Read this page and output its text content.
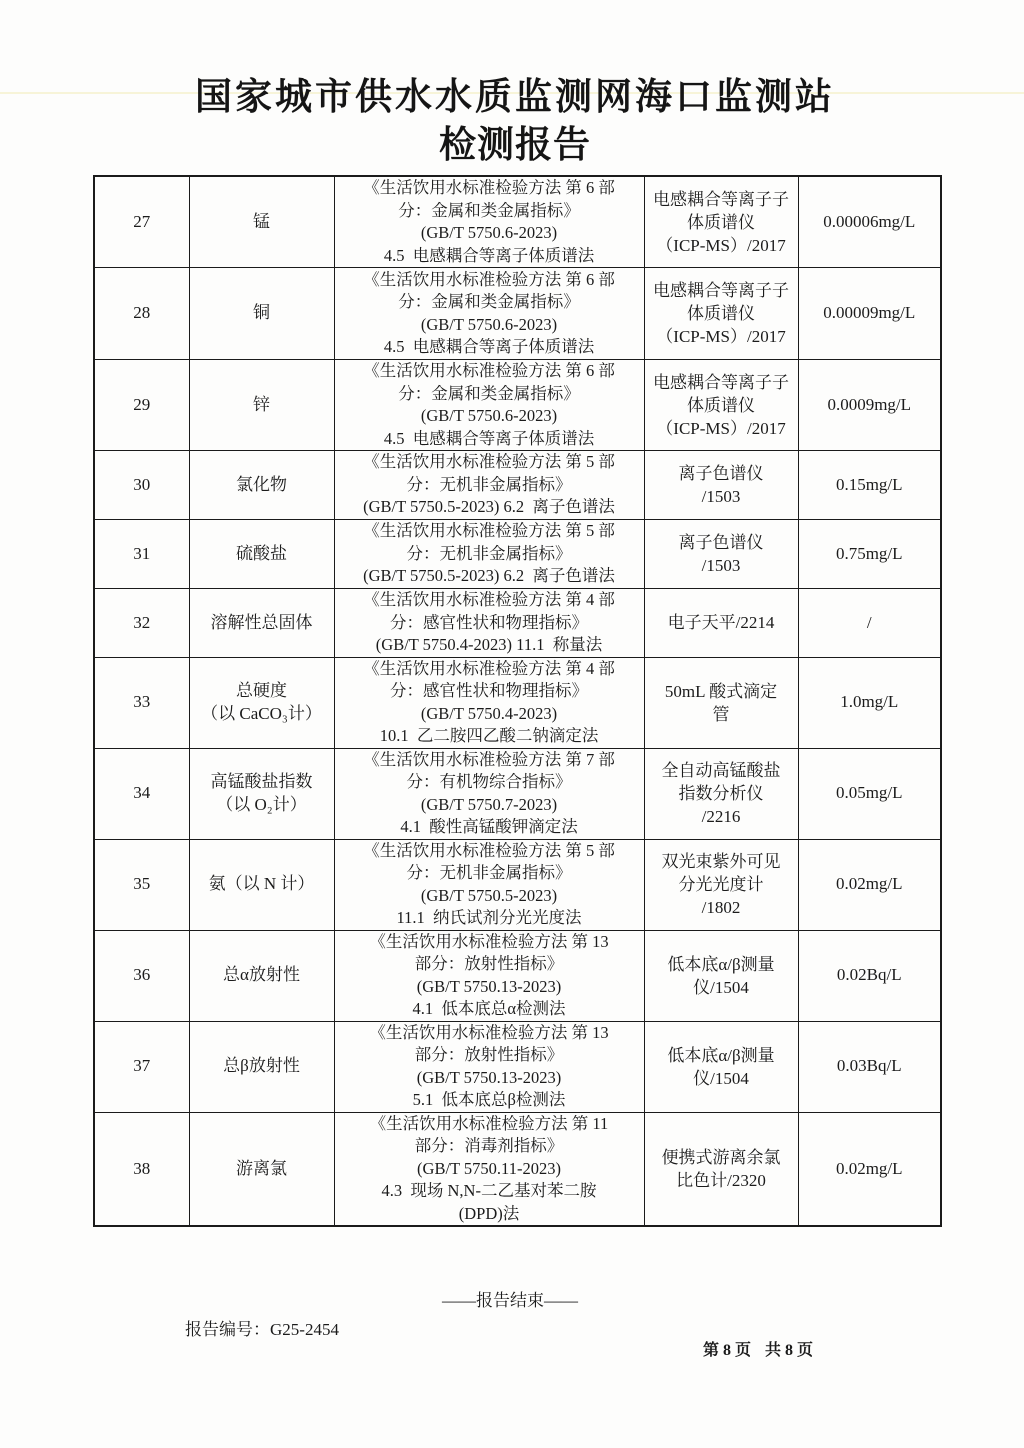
国家城市供水水质监测网海口监测站
检测报告
27	锰	《生活饮用水标准检验方法 第 6 部
分：金属和类金属指标》
(GB/T 5750.6-2023)
4.5  电感耦合等离子体质谱法	电感耦合等离子子
体质谱仪
（ICP-MS）/2017	0.00006mg/L
28	铜	《生活饮用水标准检验方法 第 6 部
分：金属和类金属指标》
(GB/T 5750.6-2023)
4.5  电感耦合等离子体质谱法	电感耦合等离子子
体质谱仪
（ICP-MS）/2017	0.00009mg/L
29	锌	《生活饮用水标准检验方法 第 6 部
分：金属和类金属指标》
(GB/T 5750.6-2023)
4.5  电感耦合等离子体质谱法	电感耦合等离子子
体质谱仪
（ICP-MS）/2017	0.0009mg/L
30	氯化物	《生活饮用水标准检验方法 第 5 部
分：无机非金属指标》
(GB/T 5750.5-2023) 6.2  离子色谱法	离子色谱仪
/1503	0.15mg/L
31	硫酸盐	《生活饮用水标准检验方法 第 5 部
分：无机非金属指标》
(GB/T 5750.5-2023) 6.2  离子色谱法	离子色谱仪
/1503	0.75mg/L
32	溶解性总固体	《生活饮用水标准检验方法 第 4 部
分：感官性状和物理指标》
(GB/T 5750.4-2023) 11.1  称量法	电子天平/2214	/
33	总硬度
（以 CaCO₃计）	《生活饮用水标准检验方法 第 4 部
分：感官性状和物理指标》
(GB/T 5750.4-2023)
10.1  乙二胺四乙酸二钠滴定法	50mL 酸式滴定
管	1.0mg/L
34	高锰酸盐指数
（以 O₂计）	《生活饮用水标准检验方法 第 7 部
分：有机物综合指标》
(GB/T 5750.7-2023)
4.1  酸性高锰酸钾滴定法	全自动高锰酸盐
指数分析仪
/2216	0.05mg/L
35	氨（以 N 计）	《生活饮用水标准检验方法 第 5 部
分：无机非金属指标》
(GB/T 5750.5-2023)
11.1  纳氏试剂分光光度法	双光束紫外可见
分光光度计
/1802	0.02mg/L
36	总α放射性	《生活饮用水标准检验方法 第 13
部分：放射性指标》
(GB/T 5750.13-2023)
4.1  低本底总α检测法	低本底α/β测量
仪/1504	0.02Bq/L
37	总β放射性	《生活饮用水标准检验方法 第 13
部分：放射性指标》
(GB/T 5750.13-2023)
5.1  低本底总β检测法	低本底α/β测量
仪/1504	0.03Bq/L
38	游离氯	《生活饮用水标准检验方法 第 11
部分：消毒剂指标》
(GB/T 5750.11-2023)
4.3  现场 N,N-二乙基对苯二胺
(DPD)法	便携式游离余氯
比色计/2320	0.02mg/L
——报告结束——
报告编号：G25-2454

第 8 页 共 8 页
